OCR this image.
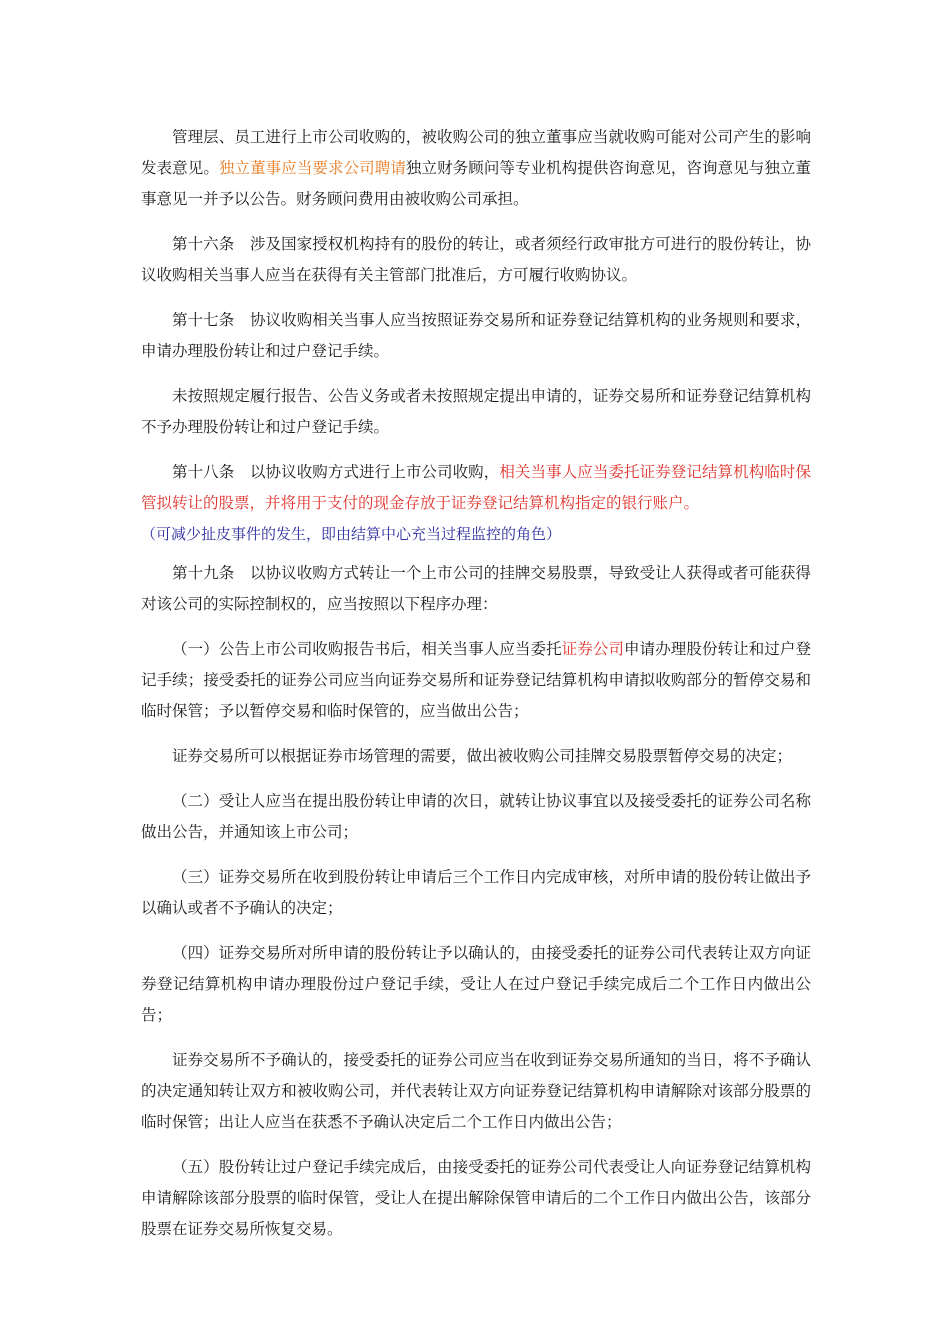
管理层、员工进行上市公司收购的，被收购公司的独立董事应当就收购可能对公司产生的影响发表意见。独立董事应当要求公司聘请独立财务顾问等专业机构提供咨询意见，咨询意见与独立董事意见一并予以公告。财务顾问费用由被收购公司承担。

第十六条　 涉及国家授权机构持有的股份的转让，或者须经行政审批方可进行的股份转让，协议收购相关当事人应当在获得有关主管部门批准后，方可履行收购协议。

第十七条　 协议收购相关当事人应当按照证券交易所和证券登记结算机构的业务规则和要求，申请办理股份转让和过户登记手续。

未按照规定履行报告、公告义务或者未按照规定提出申请的，证券交易所和证券登记结算机构不予办理股份转让和过户登记手续。

第十八条　 以协议收购方式进行上市公司收购，相关当事人应当委托证券登记结算机构临时保管拟转让的股票，并将用于支付的现金存放于证券登记结算机构指定的银行账户。
（可减少扯皮事件的发生，即由结算中心充当过程监控的角色）

第十九条　 以协议收购方式转让一个上市公司的挂牌交易股票，导致受让人获得或者可能获得对该公司的实际控制权的，应当按照以下程序办理：

（一）公告上市公司收购报告书后，相关当事人应当委托证券公司申请办理股份转让和过户登记手续；接受委托的证券公司应当向证券交易所和证券登记结算机构申请拟收购部分的暂停交易和临时保管；予以暂停交易和临时保管的，应当做出公告；

证券交易所可以根据证券市场管理的需要，做出被收购公司挂牌交易股票暂停交易的决定；

（二）受让人应当在提出股份转让申请的次日，就转让协议事宜以及接受委托的证券公司名称做出公告，并通知该上市公司；

（三）证券交易所在收到股份转让申请后三个工作日内完成审核，对所申请的股份转让做出予以确认或者不予确认的决定；

（四）证券交易所对所申请的股份转让予以确认的，由接受委托的证券公司代表转让双方向证券登记结算机构申请办理股份过户登记手续，受让人在过户登记手续完成后二个工作日内做出公告；

证券交易所不予确认的，接受委托的证券公司应当在收到证券交易所通知的当日，将不予确认的决定通知转让双方和被收购公司，并代表转让双方向证券登记结算机构申请解除对该部分股票的临时保管；出让人应当在获悉不予确认决定后二个工作日内做出公告；

（五）股份转让过户登记手续完成后，由接受委托的证券公司代表受让人向证券登记结算机构申请解除该部分股票的临时保管，受让人在提出解除保管申请后的二个工作日内做出公告，该部分股票在证券交易所恢复交易。
